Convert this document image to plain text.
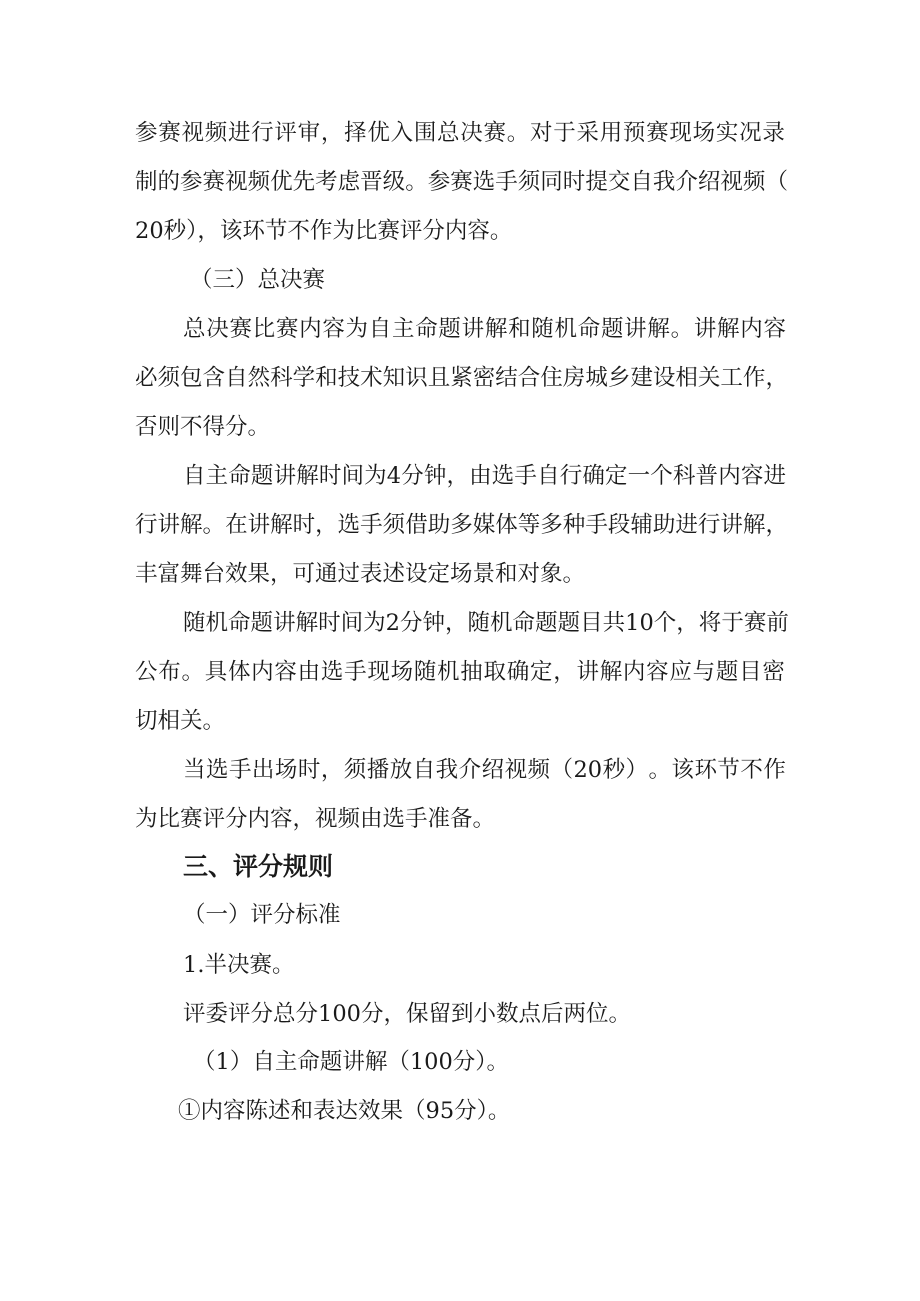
参 赛 视 频 进 行 评 审 ， 择 优 入 围 总 决 赛 。 对 于 采 用 预 赛 现 场 实 况 录
制 的 参 赛 视 频 优 先 考 虑 晋 级 。 参 赛 选 手 须 同 时 提 交 自 我 介 绍 视 频 （
20秒），该环节不作为比赛评分内容。
（三）总决赛
总 决 赛 比 赛 内 容 为 自 主 命 题 讲 解 和 随 机 命 题 讲 解 。 讲 解 内 容
必 须 包 含 自 然 科 学 和 技 术 知 识 且 紧 密 结 合 住 房 城 乡 建 设 相 关 工 作 ，
否则不得分。
自 主 命 题 讲 解 时 间 为 4 分 钟 ， 由 选 手 自 行 确 定 一 个 科 普 内 容 进
行 讲 解 。 在 讲 解 时 ， 选 手 须 借 助 多 媒 体 等 多 种 手 段 辅 助 进 行 讲 解 ，
丰富舞台效果，可通过表述设定场景和对象。
随 机 命 题 讲 解 时 间 为 2 分 钟 ， 随 机 命 题 题 目 共 10 个 ， 将 于 赛 前
公 布 。 具 体 内 容 由 选 手 现 场 随 机 抽 取 确 定 ， 讲 解 内 容 应 与 题 目 密
切相关。
当 选 手 出 场 时 ， 须 播 放 自 我 介 绍 视 频 （ 20 秒 ） 。 该 环 节 不 作
为比赛评分内容，视频由选手准备。
三、评分规则
（一）评分标准
1.半决赛。
评委评分总分100分，保留到小数点后两位。
（1）自主命题讲解（100分）。
①内容陈述和表达效果（95分）。
